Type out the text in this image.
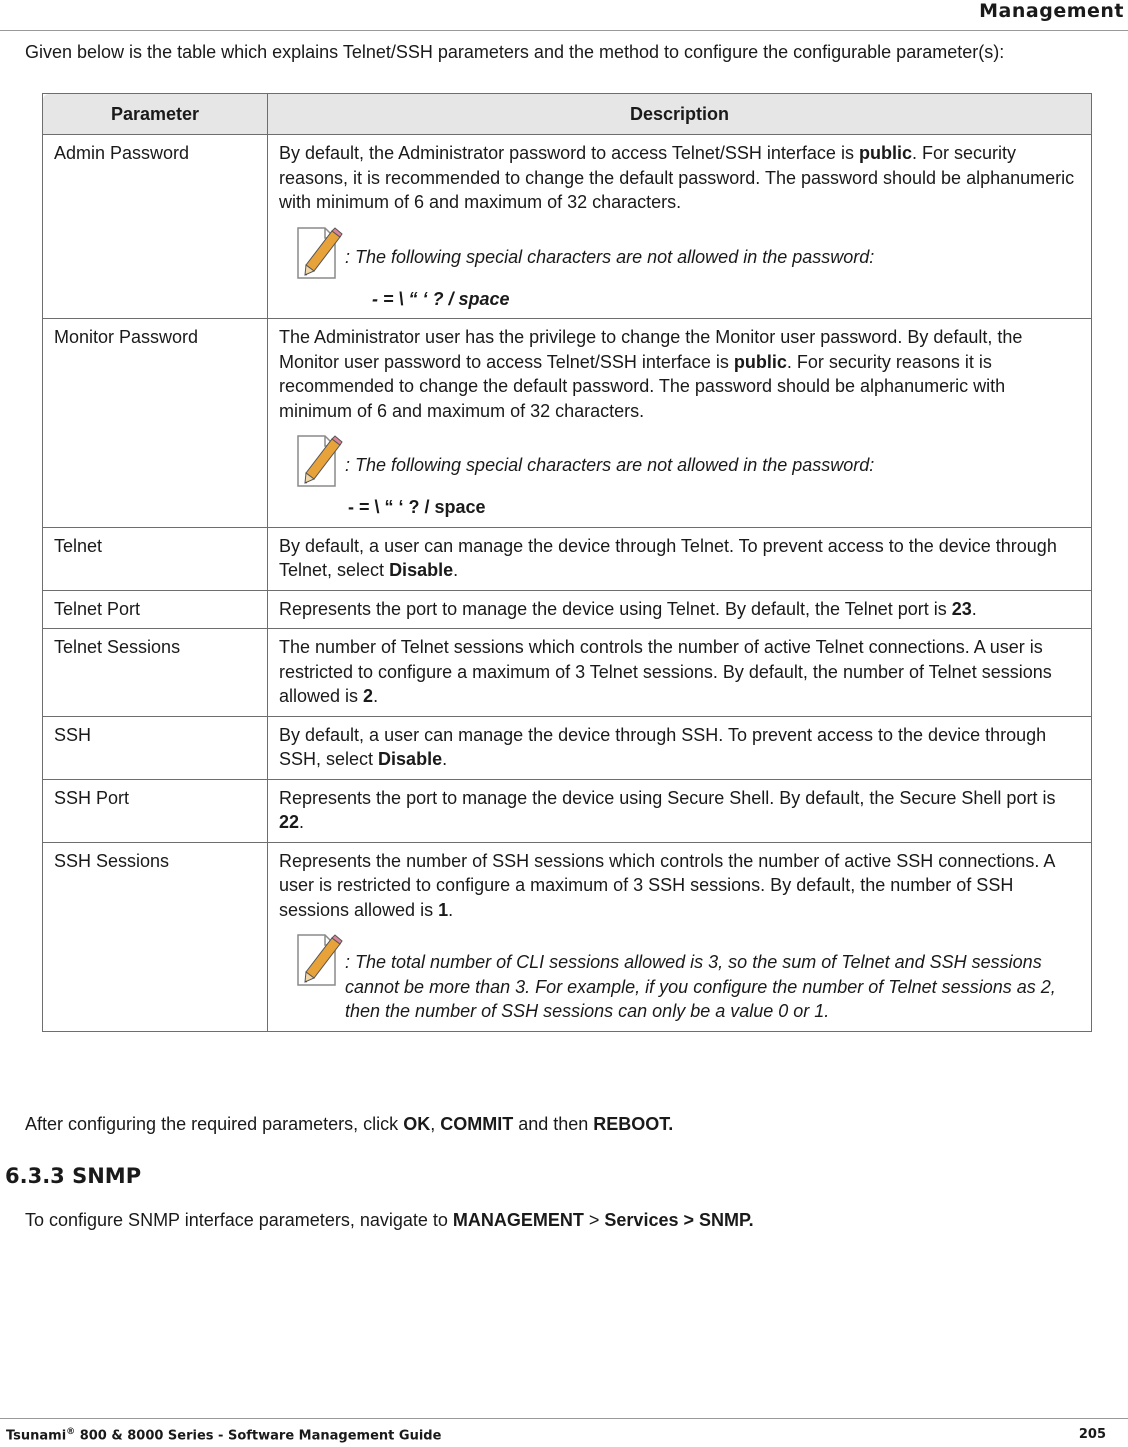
Management

Given below is the table which explains Telnet/SSH parameters and the method to configure the configurable parameter(s):

Parameter	Description
Admin Password	By default, the Administrator password to access Telnet/SSH interface is public. For security reasons, it is recommended to change the default password. The password should be alphanumeric with minimum of 6 and maximum of 32 characters.
: The following special characters are not allowed in the password:
- = \ “ ‘ ? / space

Monitor Password	The Administrator user has the privilege to change the Monitor user password. By default, the Monitor user password to access Telnet/SSH interface is public. For security reasons it is recommended to change the default password. The password should be alphanumeric with minimum of 6 and maximum of 32 characters.
: The following special characters are not allowed in the password:
- = \ “ ‘ ? / space

Telnet	By default, a user can manage the device through Telnet. To prevent access to the device through Telnet, select Disable.
Telnet Port	Represents the port to manage the device using Telnet. By default, the Telnet port is 23.
Telnet Sessions	The number of Telnet sessions which controls the number of active Telnet connections. A user is restricted to configure a maximum of 3 Telnet sessions. By default, the number of Telnet sessions allowed is 2.
SSH	By default, a user can manage the device through SSH. To prevent access to the device through SSH, select Disable.
SSH Port	Represents the port to manage the device using Secure Shell. By default, the Secure Shell port is 22.
SSH Sessions	Represents the number of SSH sessions which controls the number of active SSH connections. A user is restricted to configure a maximum of 3 SSH sessions. By default, the number of SSH sessions allowed is 1.
: The total number of CLI sessions allowed is 3, so the sum of Telnet and SSH sessions cannot be more than 3. For example, if you configure the number of Telnet sessions as 2, then the number of SSH sessions can only be a value 0 or 1.

After configuring the required parameters, click OK, COMMIT and then REBOOT.

6.3.3 SNMP

To configure SNMP interface parameters, navigate to MANAGEMENT > Services > SNMP.

Tsunami® 800 & 8000 Series - Software Management Guide	205
